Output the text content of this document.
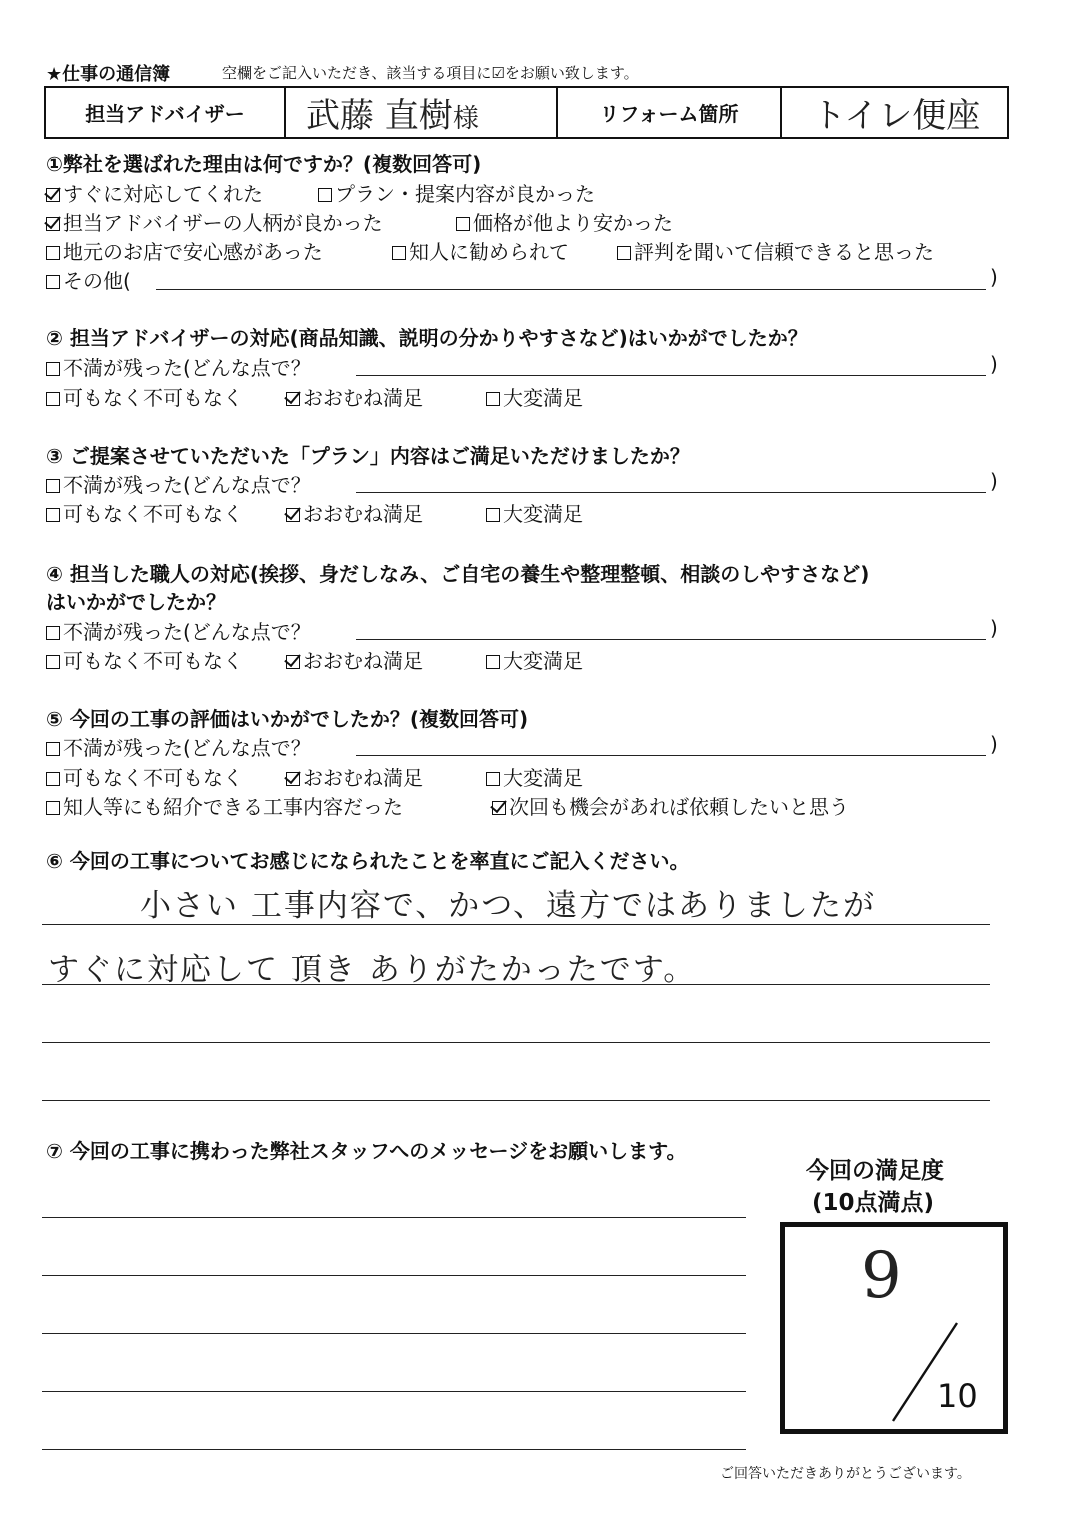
★仕事の通信簿	空欄をご記入いただき、該当する項目に☑をお願い致します。
担当アドバイザー	武藤 直樹様	リフォーム箇所	トイレ便座
①弊社を選ばれた理由は何ですか？(複数回答可)
すぐに対応してくれた	プラン・提案内容が良かった
担当アドバイザーの人柄が良かった	価格が他より安かった
地元のお店で安心感があった	知人に勧められて	評判を聞いて信頼できると思った
その他(	)
② 担当アドバイザーの対応(商品知識、説明の分かりやすさなど)はいかがでしたか？
不満が残った(どんな点で？	)
可もなく不可もなく	おおむね満足	大変満足
③ ご提案させていただいた「プラン」内容はご満足いただけましたか？
不満が残った(どんな点で？	)
可もなく不可もなく	おおむね満足	大変満足
④ 担当した職人の対応(挨拶、身だしなみ、ご自宅の養生や整理整頓、相談のしやすさなど)
はいかがでしたか？
不満が残った(どんな点で？	)
可もなく不可もなく	おおむね満足	大変満足
⑤ 今回の工事の評価はいかがでしたか？(複数回答可)
不満が残った(どんな点で？	)
可もなく不可もなく	おおむね満足	大変満足
知人等にも紹介できる工事内容だった	次回も機会があれば依頼したいと思う
⑥ 今回の工事についてお感じになられたことを率直にご記入ください。
小さい 工事内容で、かつ、遠方ではありましたが
すぐに対応して 頂き ありがたかったです。
⑦ 今回の工事に携わった弊社スタッフへのメッセージをお願いします。
今回の満足度
(10点満点)
9
10
ご回答いただきありがとうございます。
